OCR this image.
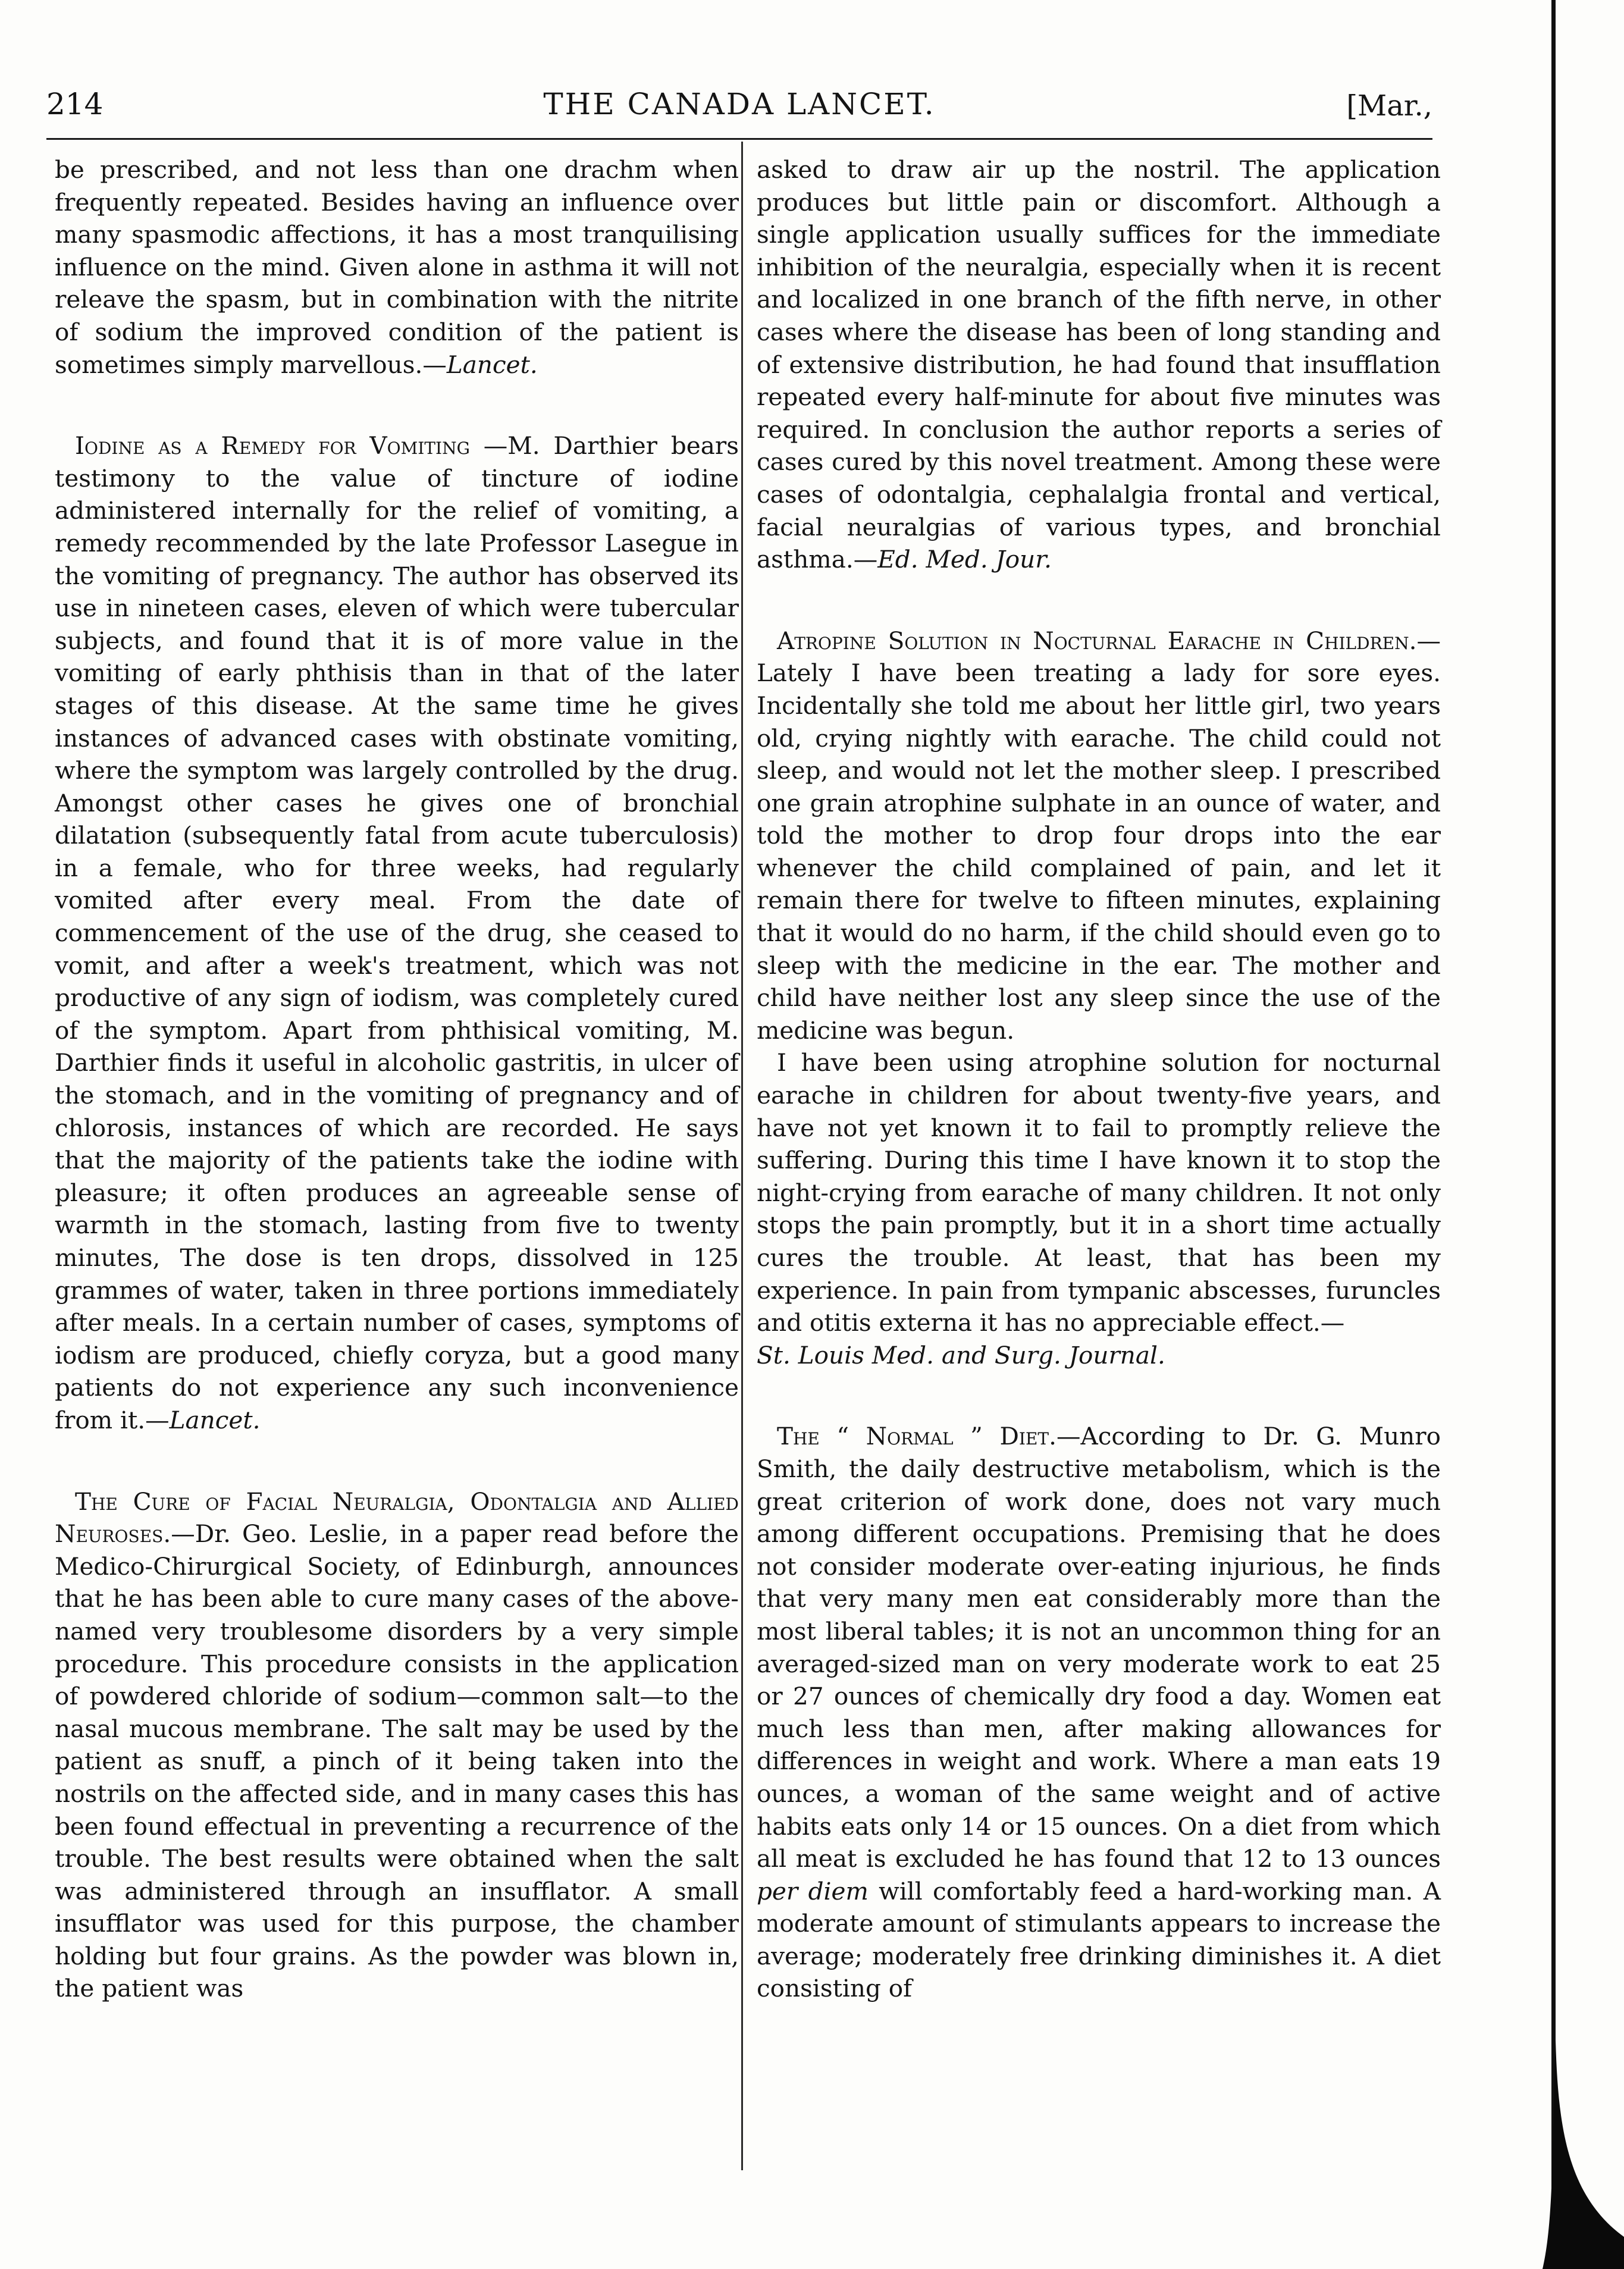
214	THE CANADA LANCET.	[Mar.,

be prescribed, and not less than one drachm when frequently repeated. Besides having an influence over many spasmodic affections, it has a most tranquilising influence on the mind. Given alone in asthma it will not releave the spasm, but in combination with the nitrite of sodium the improved condition of the patient is sometimes simply marvellous.—Lancet.

Iodine as a Remedy for Vomiting —M. Darthier bears testimony to the value of tincture of iodine administered internally for the relief of vomiting, a remedy recommended by the late Professor Lasegue in the vomiting of pregnancy. The author has observed its use in nineteen cases, eleven of which were tubercular subjects, and found that it is of more value in the vomiting of early phthisis than in that of the later stages of this disease. At the same time he gives instances of advanced cases with obstinate vomiting, where the symptom was largely controlled by the drug. Amongst other cases he gives one of bronchial dilatation (subsequently fatal from acute tuberculosis) in a female, who for three weeks, had regularly vomited after every meal. From the date of commencement of the use of the drug, she ceased to vomit, and after a week's treatment, which was not productive of any sign of iodism, was completely cured of the symptom. Apart from phthisical vomiting, M. Darthier finds it useful in alcoholic gastritis, in ulcer of the stomach, and in the vomiting of pregnancy and of chlorosis, instances of which are recorded. He says that the majority of the patients take the iodine with pleasure; it often produces an agreeable sense of warmth in the stomach, lasting from five to twenty minutes, The dose is ten drops, dissolved in 125 grammes of water, taken in three portions immediately after meals. In a certain number of cases, symptoms of iodism are produced, chiefly coryza, but a good many patients do not experience any such inconvenience from it.—Lancet.

The Cure of Facial Neuralgia, Odontalgia and Allied Neuroses.—Dr. Geo. Leslie, in a paper read before the Medico-Chirurgical Society, of Edinburgh, announces that he has been able to cure many cases of the above-named very troublesome disorders by a very simple procedure. This procedure consists in the application of powdered chloride of sodium—common salt—to the nasal mucous membrane. The salt may be used by the patient as snuff, a pinch of it being taken into the nostrils on the affected side, and in many cases this has been found effectual in preventing a recurrence of the trouble. The best results were obtained when the salt was administered through an insufflator. A small insufflator was used for this purpose, the chamber holding but four grains. As the powder was blown in, the patient was

asked to draw air up the nostril. The application produces but little pain or discomfort. Although a single application usually suffices for the immediate inhibition of the neuralgia, especially when it is recent and localized in one branch of the fifth nerve, in other cases where the disease has been of long standing and of extensive distribution, he had found that insufflation repeated every half-minute for about five minutes was required. In conclusion the author reports a series of cases cured by this novel treatment. Among these were cases of odontalgia, cephalalgia frontal and vertical, facial neuralgias of various types, and bronchial asthma.—Ed. Med. Jour.

Atropine Solution in Nocturnal Earache in Children.—Lately I have been treating a lady for sore eyes. Incidentally she told me about her little girl, two years old, crying nightly with earache. The child could not sleep, and would not let the mother sleep. I prescribed one grain atrophine sulphate in an ounce of water, and told the mother to drop four drops into the ear whenever the child complained of pain, and let it remain there for twelve to fifteen minutes, explaining that it would do no harm, if the child should even go to sleep with the medicine in the ear. The mother and child have neither lost any sleep since the use of the medicine was begun.

I have been using atrophine solution for nocturnal earache in children for about twenty-five years, and have not yet known it to fail to promptly relieve the suffering. During this time I have known it to stop the night-crying from earache of many children. It not only stops the pain promptly, but it in a short time actually cures the trouble. At least, that has been my experience. In pain from tympanic abscesses, furuncles and otitis externa it has no appreciable effect.—
St. Louis Med. and Surg. Journal.

The “ Normal ” Diet.—According to Dr. G. Munro Smith, the daily destructive metabolism, which is the great criterion of work done, does not vary much among different occupations. Premising that he does not consider moderate over-eating injurious, he finds that very many men eat considerably more than the most liberal tables; it is not an uncommon thing for an averaged-sized man on very moderate work to eat 25 or 27 ounces of chemically dry food a day. Women eat much less than men, after making allowances for differences in weight and work. Where a man eats 19 ounces, a woman of the same weight and of active habits eats only 14 or 15 ounces. On a diet from which all meat is excluded he has found that 12 to 13 ounces per diem will comfortably feed a hard-working man. A moderate amount of stimulants appears to increase the average; moderately free drinking diminishes it. A diet consisting of
